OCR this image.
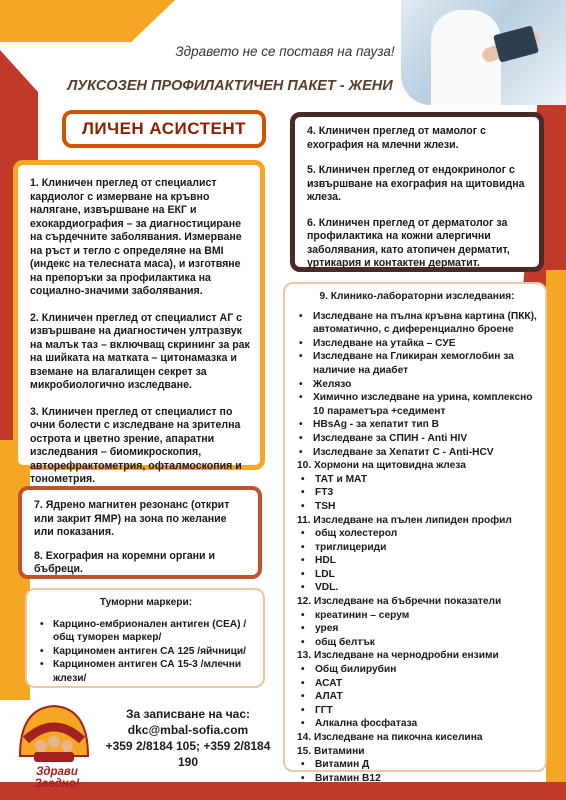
Здравето не се поставя на пауза!
ЛУКСОЗЕН ПРОФИЛАКТИЧЕН ПАКЕТ - ЖЕНИ
ЛИЧЕН АСИСТЕНТ

1. Клиничен преглед от специалист кардиолог с измерване на кръвно налягане, извършване на ЕКГ и ехокардиография – за диагностициране на сърдечните заболявания. Измерване на ръст и тегло с определяне на BMI (индекс на телесната маса), и изготвяне на препоръки за профилактика на социално-значими заболявания.

2. Клиничен преглед от специалист АГ с извършване на диагностичен ултразвук на малък таз – включващ скрининг за рак на шийката на матката – цитонамазка и вземане на влагалищен секрет за микробиологично изследване.

3. Клиничен преглед от специалист по очни болести с изследване на зрителна острота и цветно зрение, апаратни изследвания – биомикроскопия, авторефрактометрия, офталмоскопия и тонометрия.

4. Клиничен преглед от мамолог с ехография на млечни жлези.

5. Клиничен преглед от ендокринолог с извършване на ехография на щитовидна жлеза.

6. Клиничен преглед от дерматолог за профилактика на кожни алергични заболявания, като атопичен дерматит, уртикария и контактен дерматит.

9. Клинико-лабораторни изследвания:
• Изследване на пълна кръвна картина (ПКК), автоматично, с диференциално броене
• Изследване на утайка – СУЕ
• Изследване на Гликиран хемоглобин за наличие на диабет
• Желязо
• Химично изследване на урина, комплексно 10 параметъра +седимент
• HBsAg - за хепатит тип В
• Изследване за СПИН - Anti HIV
• Изследване за Хепатит С - Anti-HCV
10. Хормони на щитовидна жлеза
• ТАТ и МАТ
• FT3
• TSH
11. Изследване на пълен липиден профил
• общ холестерол
• триглицериди
• HDL
• LDL
• VDL.
12. Изследване на бъбречни показатели
• креатинин – серум
• урея
• общ белтък
13. Изследване на чернодробни ензими
• Общ билирубин
• АСАТ
• АЛАТ
• ГГТ
• Алкална фосфатаза
14. Изследване на пикочна киселина
15. Витамини
• Витамин Д
• Витамин В12

7. Ядрено магнитен резонанс (открит или закрит ЯМР) на зона по желание или показания.

8. Ехография на коремни органи и бъбреци.

Туморни маркери:
• Карцино-ембрионален антиген (CEA) /общ туморен маркер/
• Карциномен антиген СА 125 /яйчници/
• Карциномен антиген СА 15-3 /млечни жлези/
Здрави Заедно!
За записване на час:
dkc@mbal-sofia.com
+359 2/8184 105; +359 2/8184 190
